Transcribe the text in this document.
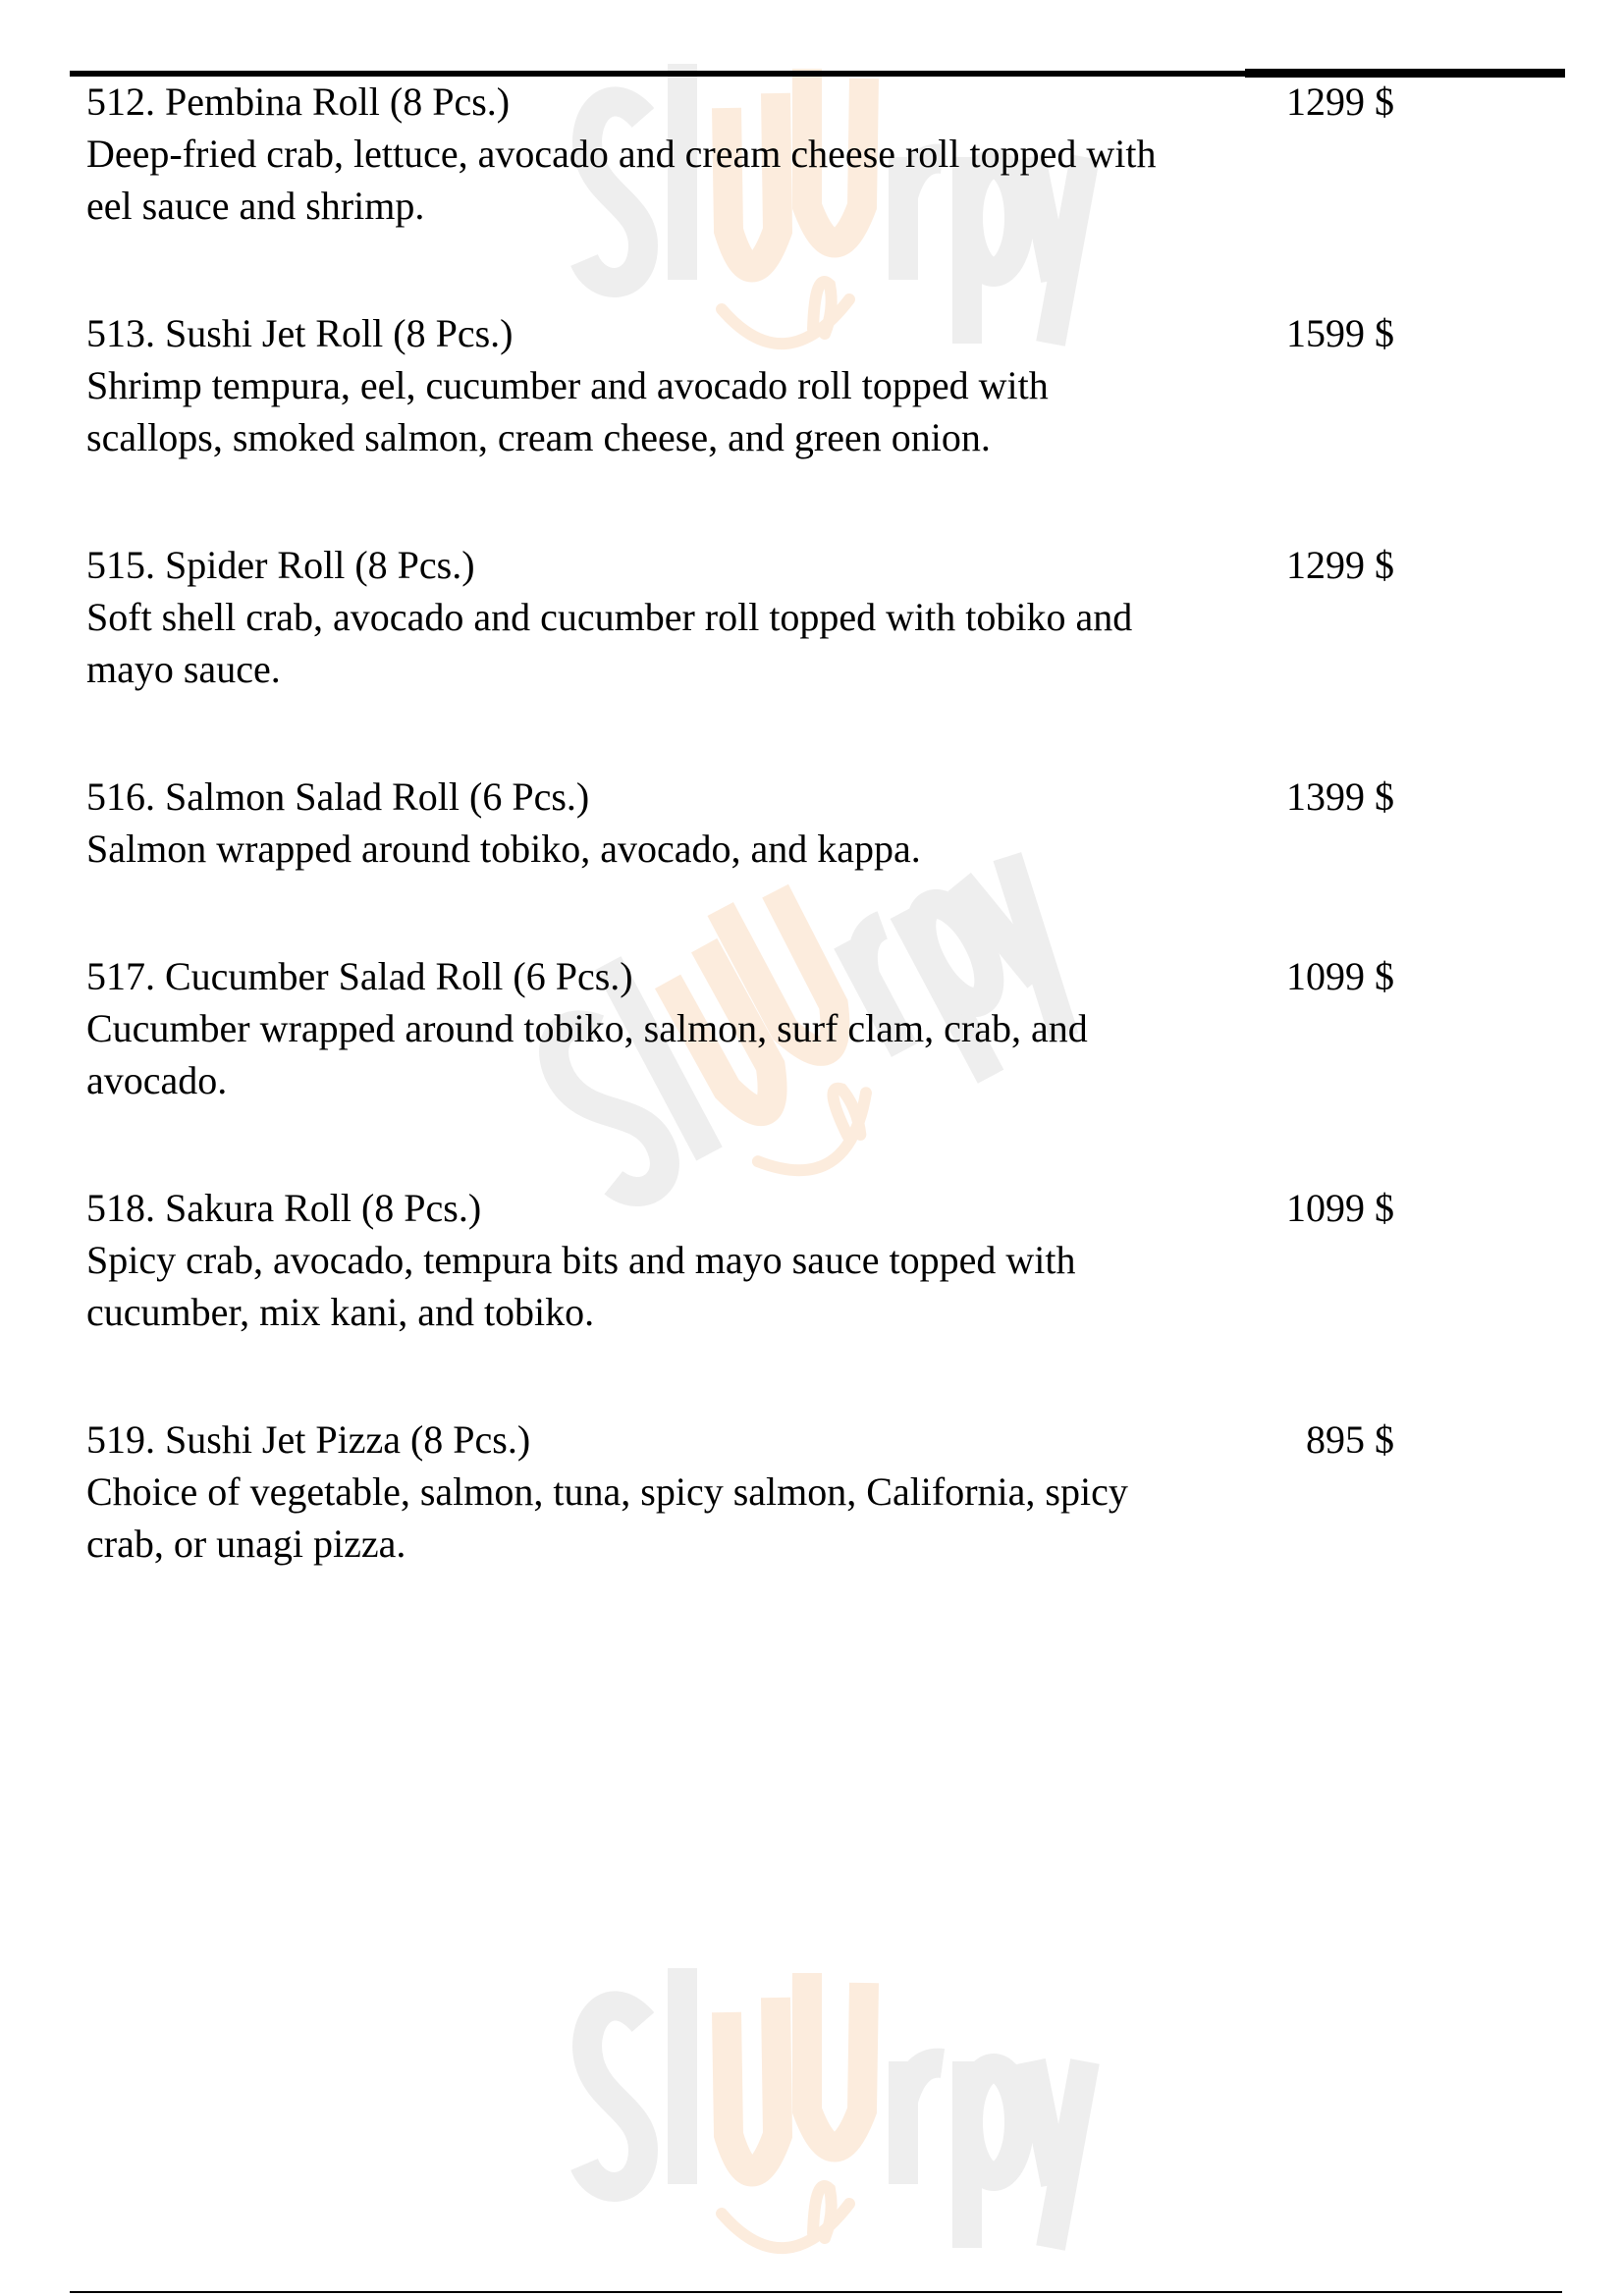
512. Pembina Roll (8 Pcs.)	1299 $
Deep-fried crab, lettuce, avocado and cream cheese roll topped with
eel sauce and shrimp.
513. Sushi Jet Roll (8 Pcs.)	1599 $
Shrimp tempura, eel, cucumber and avocado roll topped with
scallops, smoked salmon, cream cheese, and green onion.
515. Spider Roll (8 Pcs.)	1299 $
Soft shell crab, avocado and cucumber roll topped with tobiko and
mayo sauce.
516. Salmon Salad Roll (6 Pcs.)	1399 $
Salmon wrapped around tobiko, avocado, and kappa.
517. Cucumber Salad Roll (6 Pcs.)	1099 $
Cucumber wrapped around tobiko, salmon, surf clam, crab, and
avocado.
518. Sakura Roll (8 Pcs.)	1099 $
Spicy crab, avocado, tempura bits and mayo sauce topped with
cucumber, mix kani, and tobiko.
519. Sushi Jet Pizza (8 Pcs.)	895 $
Choice of vegetable, salmon, tuna, spicy salmon, California, spicy
crab, or unagi pizza.
